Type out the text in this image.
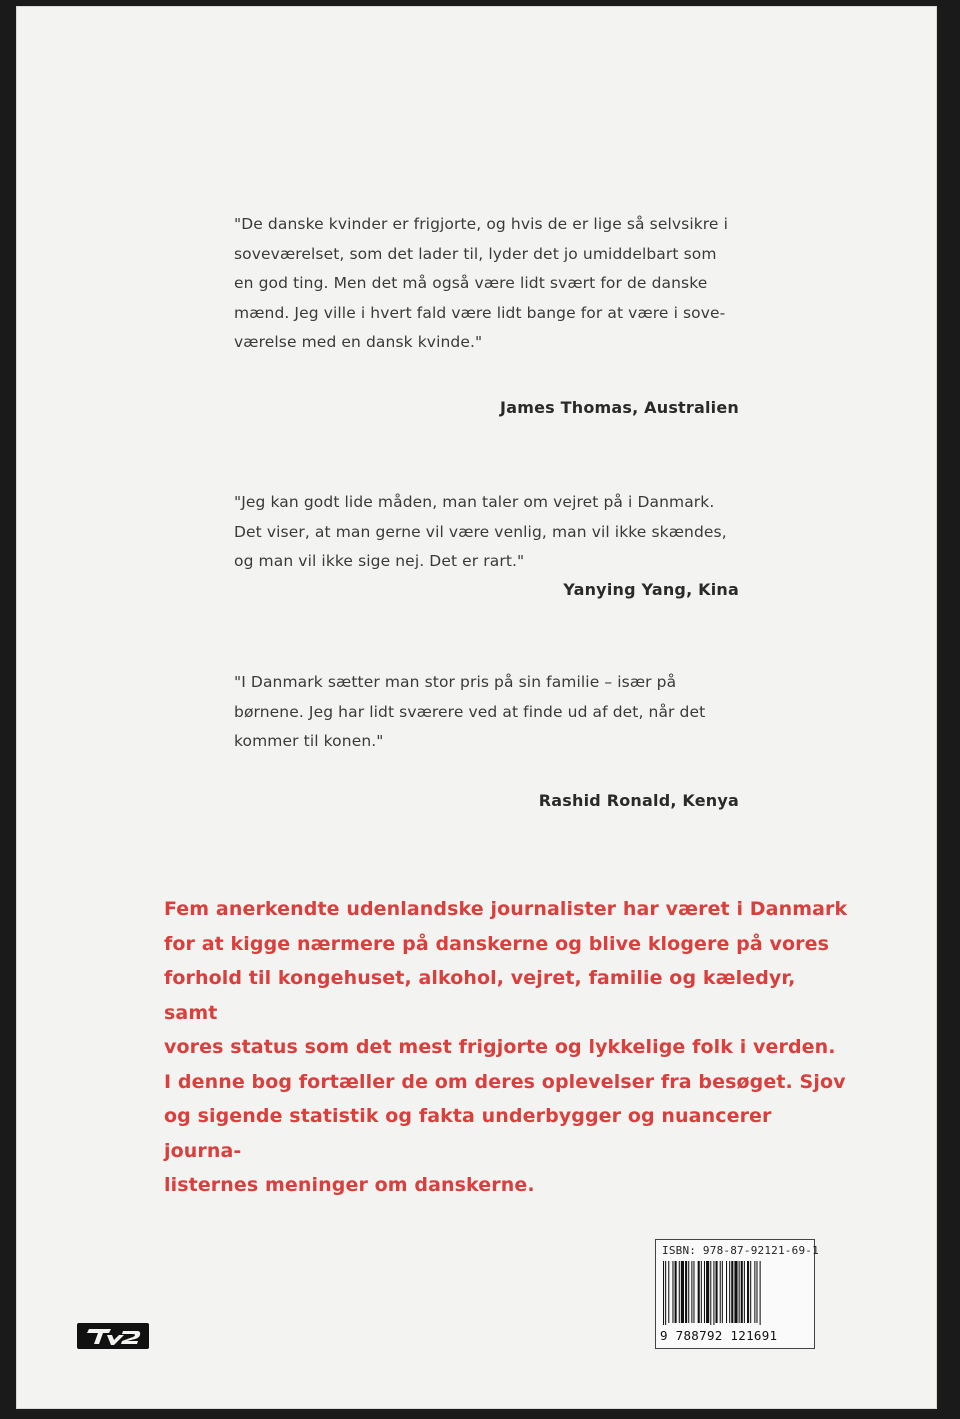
"De danske kvinder er frigjorte, og hvis de er lige så selvsikre i

soveværelset, som det lader til, lyder det jo umiddelbart som

en god ting. Men det må også være lidt svært for de danske

mænd. Jeg ville i hvert fald være lidt bange for at være i sove-

værelse med en dansk kvinde."

James Thomas, Australien

"Jeg kan godt lide måden, man taler om vejret på i Danmark.

Det viser, at man gerne vil være venlig, man vil ikke skændes,

og man vil ikke sige nej. Det er rart."

Yanying Yang, Kina

"I Danmark sætter man stor pris på sin familie – især på

børnene. Jeg har lidt sværere ved at finde ud af det, når det

kommer til konen."

Rashid Ronald, Kenya
Fem anerkendte udenlandske journalister har været i Danmark
for at kigge nærmere på danskerne og blive klogere på vores
forhold til kongehuset, alkohol, vejret, familie og kæledyr, samt
vores status som det mest frigjorte og lykkelige folk i verden.
I denne bog fortæller de om deres oplevelser fra besøget. Sjov
og sigende statistik og fakta underbygger og nuancerer journa-
listernes meninger om danskerne.
ISBN: 978-87-92121-69-1
9 788792 121691
